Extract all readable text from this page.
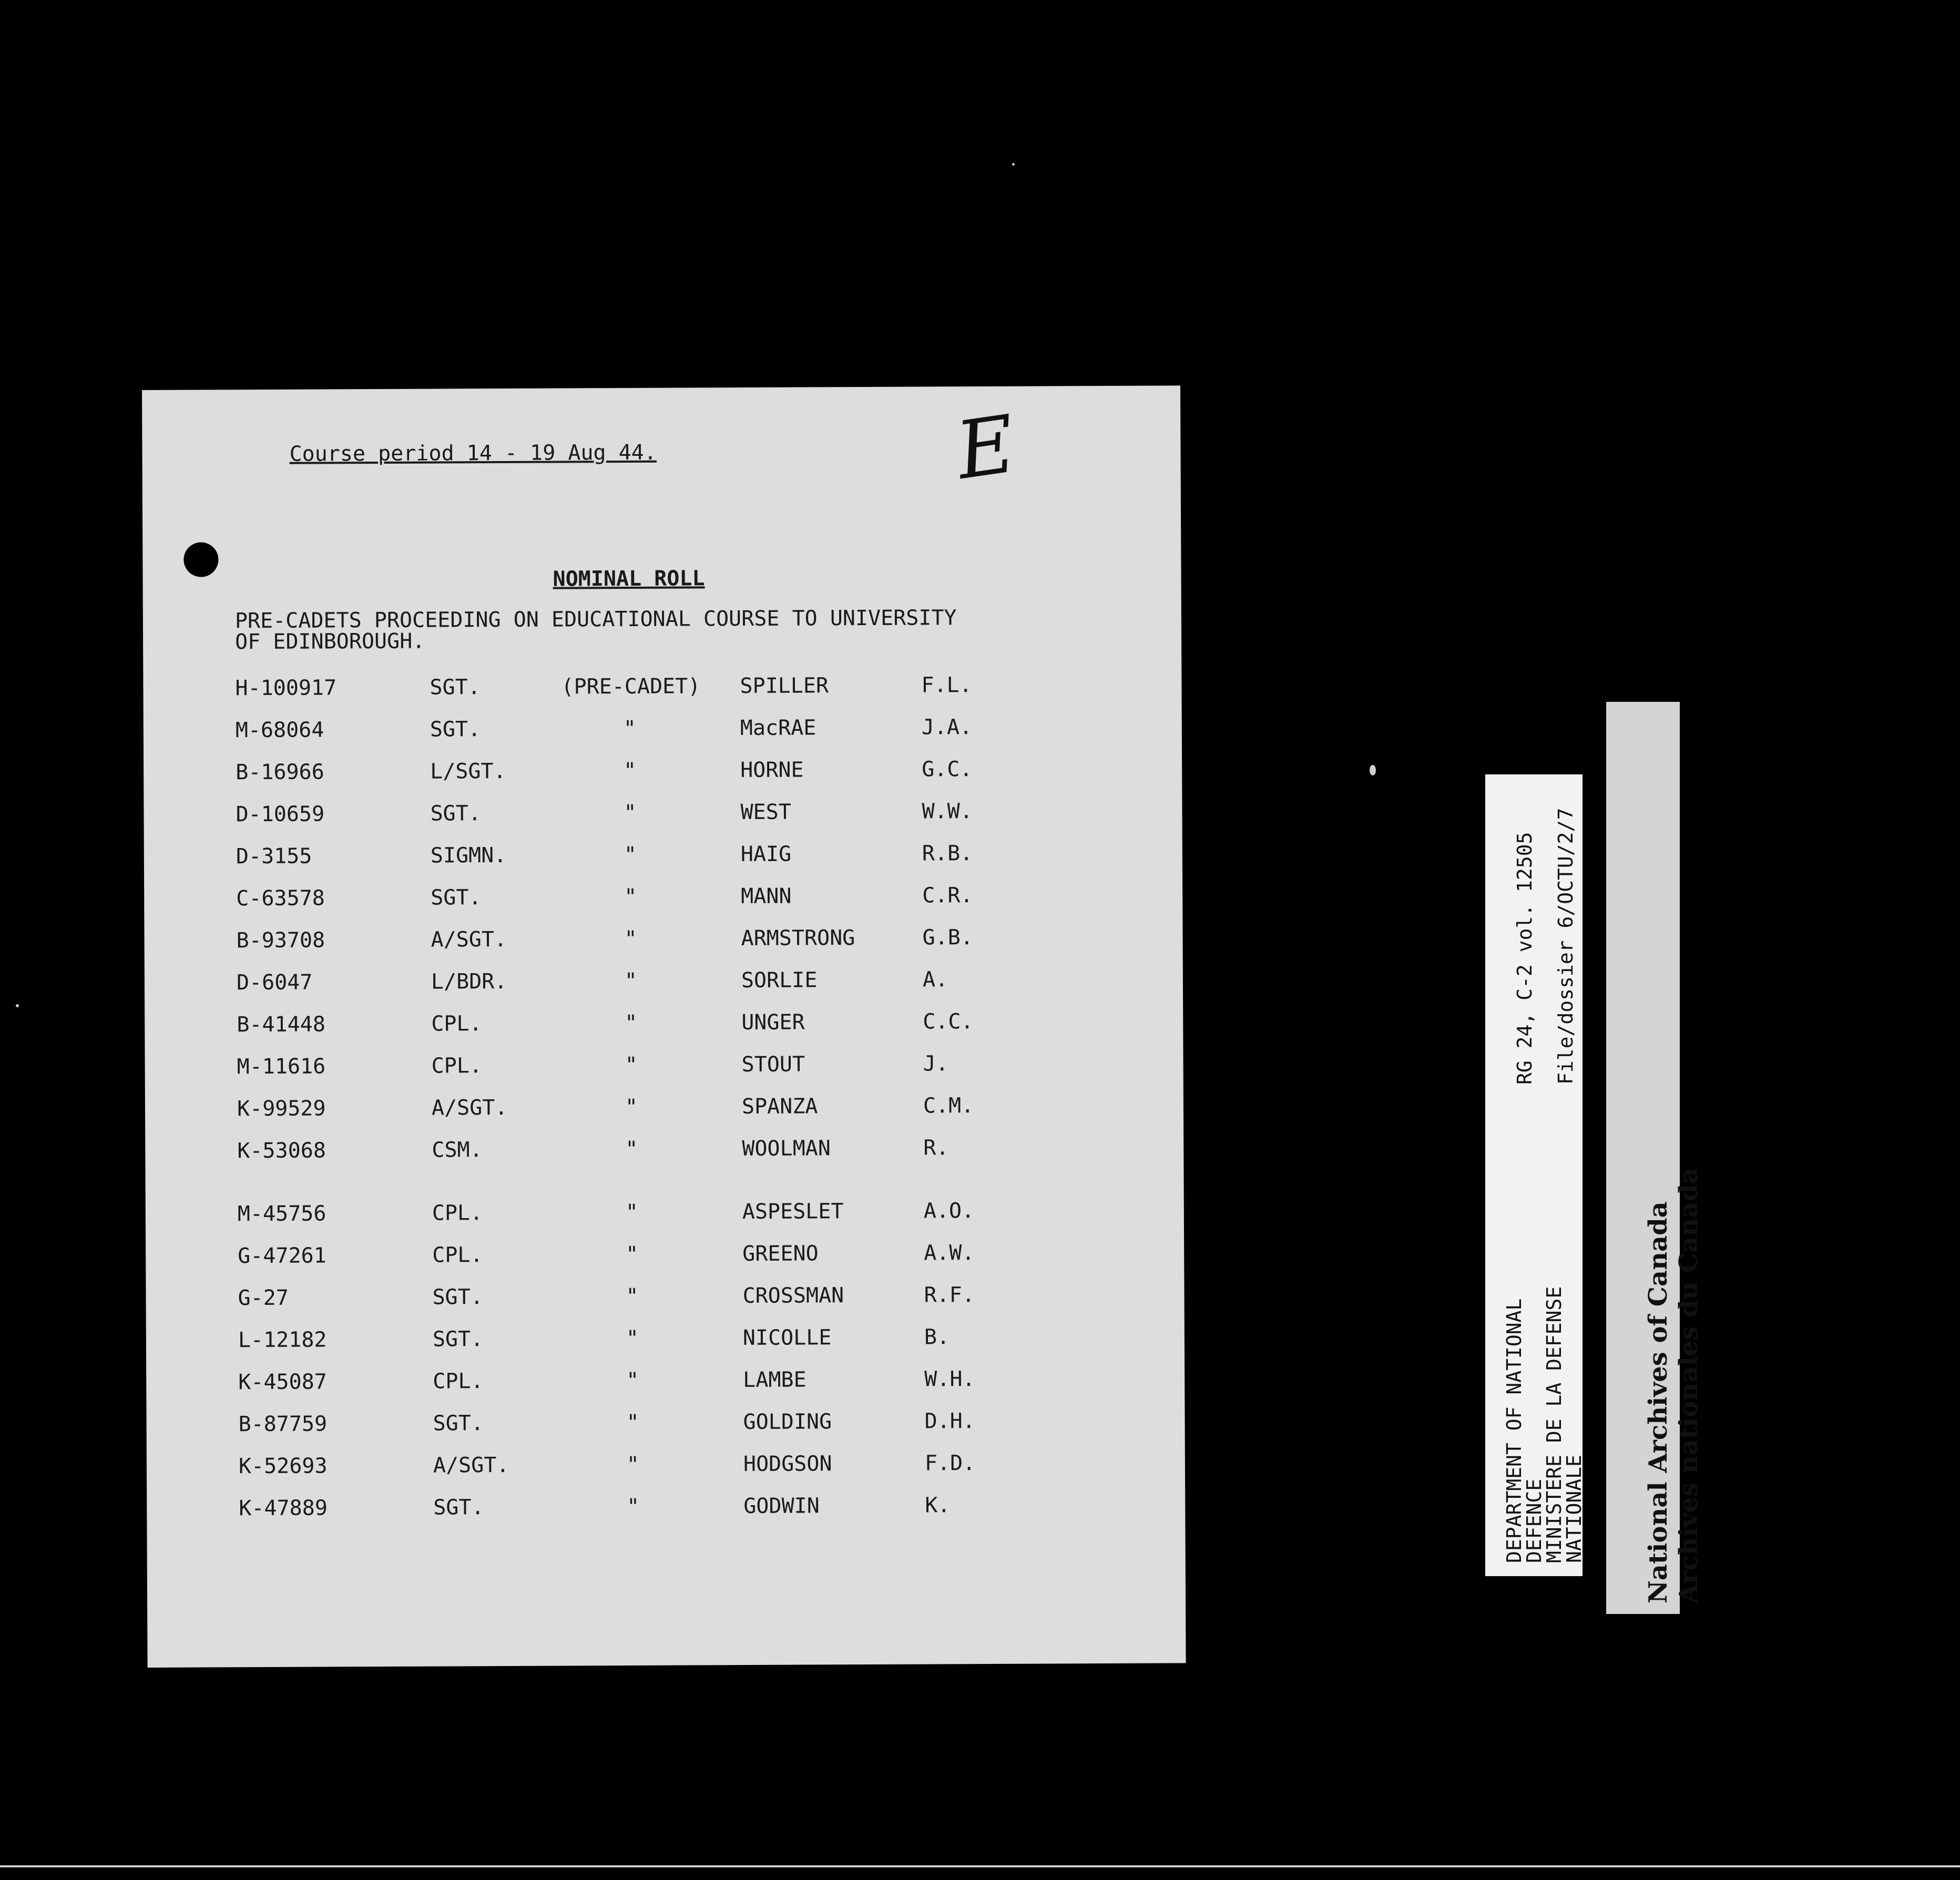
E
Course period 14 - 19 Aug 44.
NOMINAL ROLL
PRE-CADETS PROCEEDING ON EDUCATIONAL COURSE TO UNIVERSITY
OF EDINBOROUGH.
H-100917	SGT.	(PRE-CADET) SPILLER	F.L.
M-68064	SGT.	"	MacRAE	J.A.
B-16966	L/SGT.	"	HORNE	G.C.
D-10659	SGT.	"	WEST	W.W.
D-3155	SIGMN.	"	HAIG	R.B.
C-63578	SGT.	"	MANN	C.R.
B-93708	A/SGT.	"	ARMSTRONG	G.B.
D-6047	L/BDR.	"	SORLIE	A.
B-41448	CPL.	"	UNGER	C.C.
M-11616	CPL.	"	STOUT	J.
K-99529	A/SGT.	"	SPANZA	C.M.
K-53068	CSM.	"	WOOLMAN	R.
M-45756	CPL.	"	ASPESLET	A.O.
G-47261	CPL.	"	GREENO	A.W.
G-27	SGT.	"	CROSSMAN	R.F.
L-12182	SGT.	"	NICOLLE	B.
K-45087	CPL.	"	LAMBE	W.H.
B-87759	SGT.	"	GOLDING	D.H.
K-52693	A/SGT.	"	HODGSON	F.D.
K-47889	SGT.	"	GODWIN	K.
RG 24, C-2 vol. 12505 File/dossier 6/OCTU/2/7
DEPARTMENT OF NATIONAL
DEFENCE
MINISTERE DE LA DEFENSE
NATIONALE National Archives of Canada Archives nationales du Canada
